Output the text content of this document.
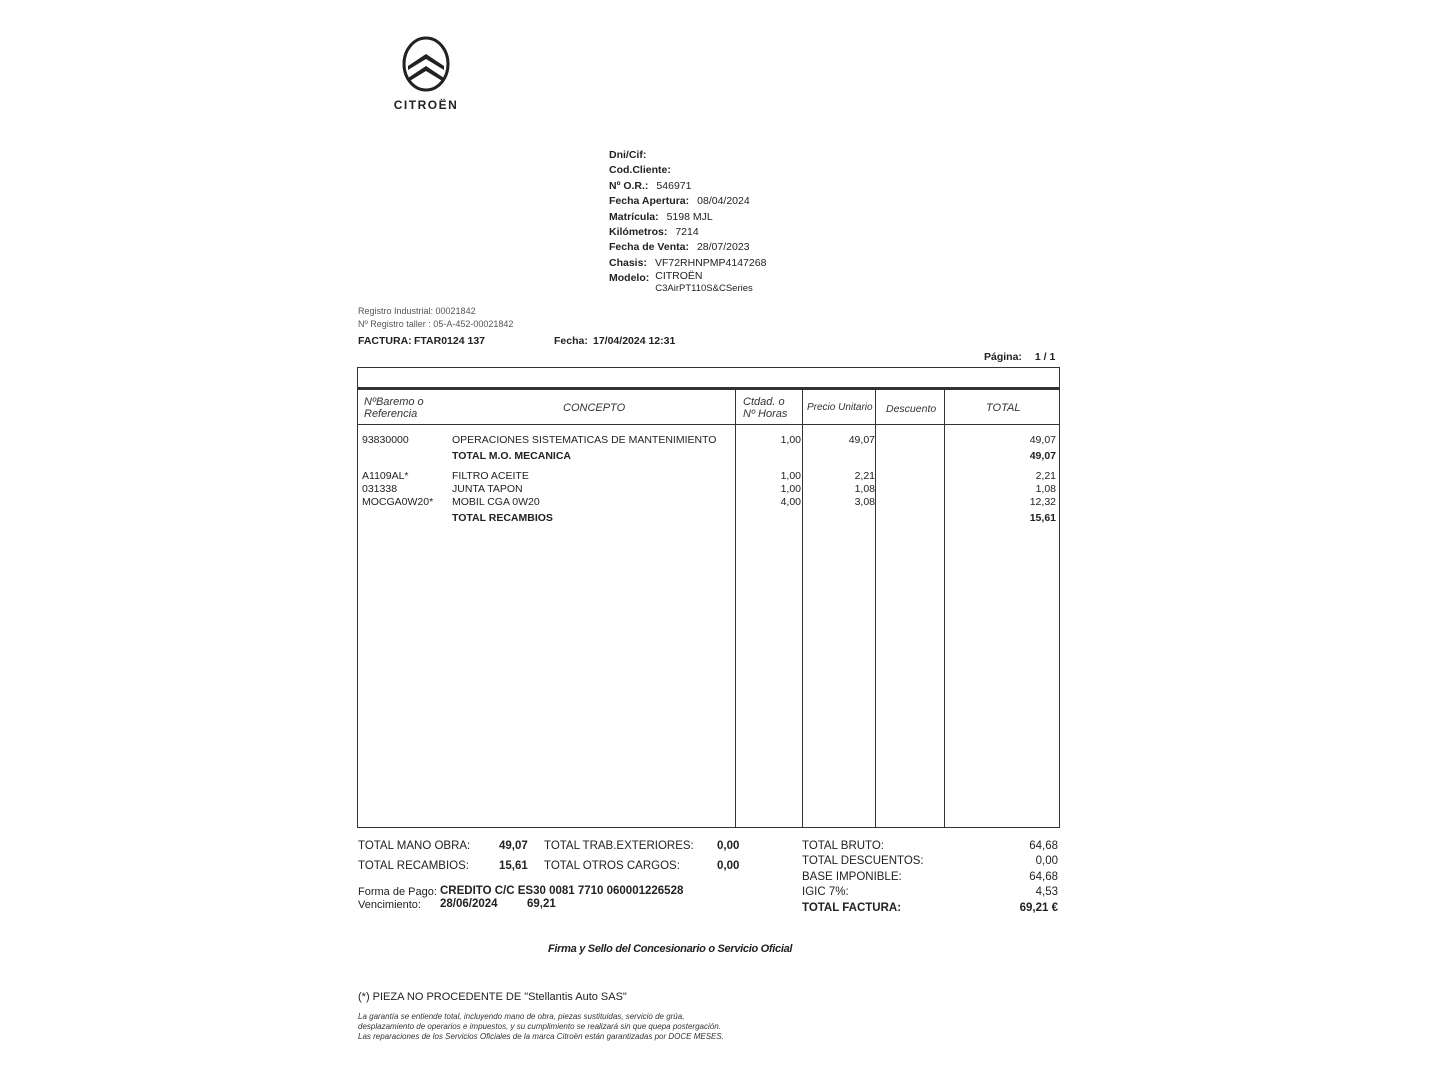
CITROËN
Dni/Cif:
Cod.Cliente:
Nº O.R.: 546971
Fecha Apertura: 08/04/2024
Matrícula: 5198 MJL
Kilómetros: 7214
Fecha de Venta: 28/07/2023
Chasis: VF72RHNPMP4147268
Modelo: CITROËN
C3AirPT110S&CSeries
Registro Industrial: 00021842
Nº Registro taller : 05-A-452-00021842
FACTURA: FTAR0124 137	Fecha: 17/04/2024 12:31
Página: 1 / 1
NºBaremo o
Referencia	CONCEPTO	Ctdad. o
Nº Horas
Precio Unitario Descuento	TOTAL
93830000	OPERACIONES SISTEMATICAS DE MANTENIMIENTO	1,00	49,07	49,07
TOTAL M.O. MECANICA	49,07
A1109AL*	FILTRO ACEITE	1,00	2,21	2,21
031338	JUNTA TAPON	1,00	1,08	1,08
MOCGA0W20* MOBIL CGA 0W20	4,00	3,08	12,32
TOTAL RECAMBIOS	15,61
TOTAL MANO OBRA:	49,07
TOTAL RECAMBIOS:	15,61
TOTAL TRAB.EXTERIORES: 0,00
TOTAL OTROS CARGOS:	0,00
Forma de Pago: CREDITO C/C ES30 0081 7710 060001226528
Vencimiento: 28/06/2024	69,21
TOTAL BRUTO:	64,68
TOTAL DESCUENTOS:	0,00
BASE IMPONIBLE:	64,68
IGIC 7%:	4,53
TOTAL FACTURA:	69,21 €
Firma y Sello del Concesionario o Servicio Oficial
(*) PIEZA NO PROCEDENTE DE "Stellantis Auto SAS"
La garantía se entiende total, incluyendo mano de obra, piezas sustituidas, servicio de grúa,
desplazamiento de operarios e impuestos, y su cumplimiento se realizará sin que quepa postergación.
Las reparaciones de los Servicios Oficiales de la marca Citroën están garantizadas por DOCE MESES.
